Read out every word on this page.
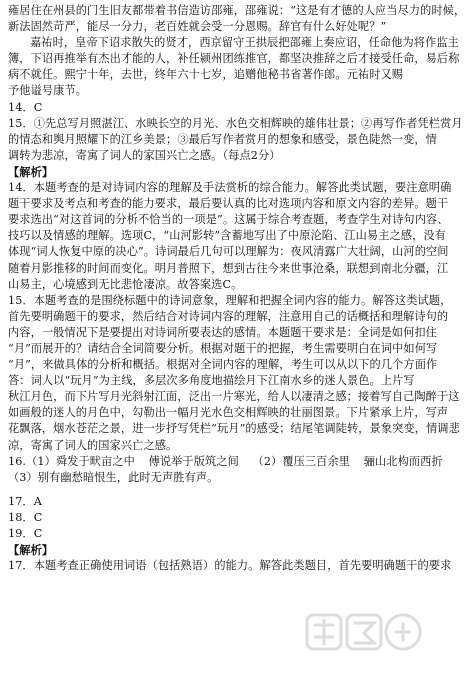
雍居住在州县的门生旧友都带着书信造访邵雍，邵雍说：“这是有才德的人应当尽力的时候，
新法固然苛严，能尽一分力，老百姓就会受一分恩赐。辞官有什么好处呢？”
嘉祐时，皇帝下诏求散失的贤才，西京留守王拱辰把邵雍上奏应诏，任命他为将作监主
簿，下诏再推举有杰出才能的人，补任颍州团练推官，都坚决推辞之后才接受任命，易后称
病不就任。熙宁十年，去世，终年六十七岁，追赠他秘书省著作郎。元祐时又赐
予他谥号康节。
14．C
15．①先总写月照湛江、水映长空的月光、水色交相辉映的雄伟壮景；②再写作者凭栏赏月
的情态和舆月照耀下的江乡美景；③最后写作者赏月的想象和感受，景色陡然一变，情
调转为悲凉，寄寓了词人的家国兴亡之感。（每点2分）
【解析】
14．本题考查的是对诗词内容的理解及手法赏析的综合能力。解答此类试题，要注意明确
题干要求及考点和考查的能力要求，最后要认真的比对选项内容和原文内容的差异。题干
要求选出“对这首词的分析不恰当的一项是”。这属于综合考查题，考查学生对诗句内容、
技巧以及情感的理解。选项C，“山河影转”含蓄地写出了中原沦陷、江山易主之感，没有
体现“词人恢复中原的决心”。诗词最后几句可以理解为：夜风清露广大壮阔，山河的空间
随着月影推移的时间而变化。明月普照下，想到古往今来世事沧桑，联想到南北分疆，江
山易主，心境感到无比悲怆凄凉。故答案选C。
15．本题考查的是围绕标题中的诗词意象，理解和把握全词内容的能力。解答这类试题，
首先要明确题干的要求，然后结合对诗词内容的理解，注意用自己的话概括和理解诗句的
内容，一般情况下是要提出对诗词所要表达的感情。本题题干要求是：全词是如何扣住
“月”而展开的？请结合全词简要分析。根据对题干的把握，考生需要明白在词中如何写
“月”，来做具体的分析和概括。根据对全词内容的理解，考生可以从以下的几个方面作
答：词人以“玩月”为主线，多层次多角度地描绘月下江南水乡的迷人景色。上片写
秋江月色，而下片写月光斜射江面，泛出一片寒光，给人以凄清之感；接着写自己陶醉于这
如画般的迷人的月色中，勾勒出一幅月光水色交相辉映的壮丽图景。下片紧承上片，写声
花飘落，烟水苍茫之景，进一步抒写凭栏“玩月”的感受；结尾笔调陡转，景象突变，情调悲
凉，寄寓了词人的国家兴亡之感。
16.（1）舜发于畎亩之中 傅说举于版筑之间 （2）覆压三百余里 骊山北构而西折
（3）别有幽愁暗恨生，此时无声胜有声。
17．A
18．C
19．C
【解析】
17．本题考查正确使用词语（包括熟语）的能力。解答此类题目，首先要明确题干的要求
